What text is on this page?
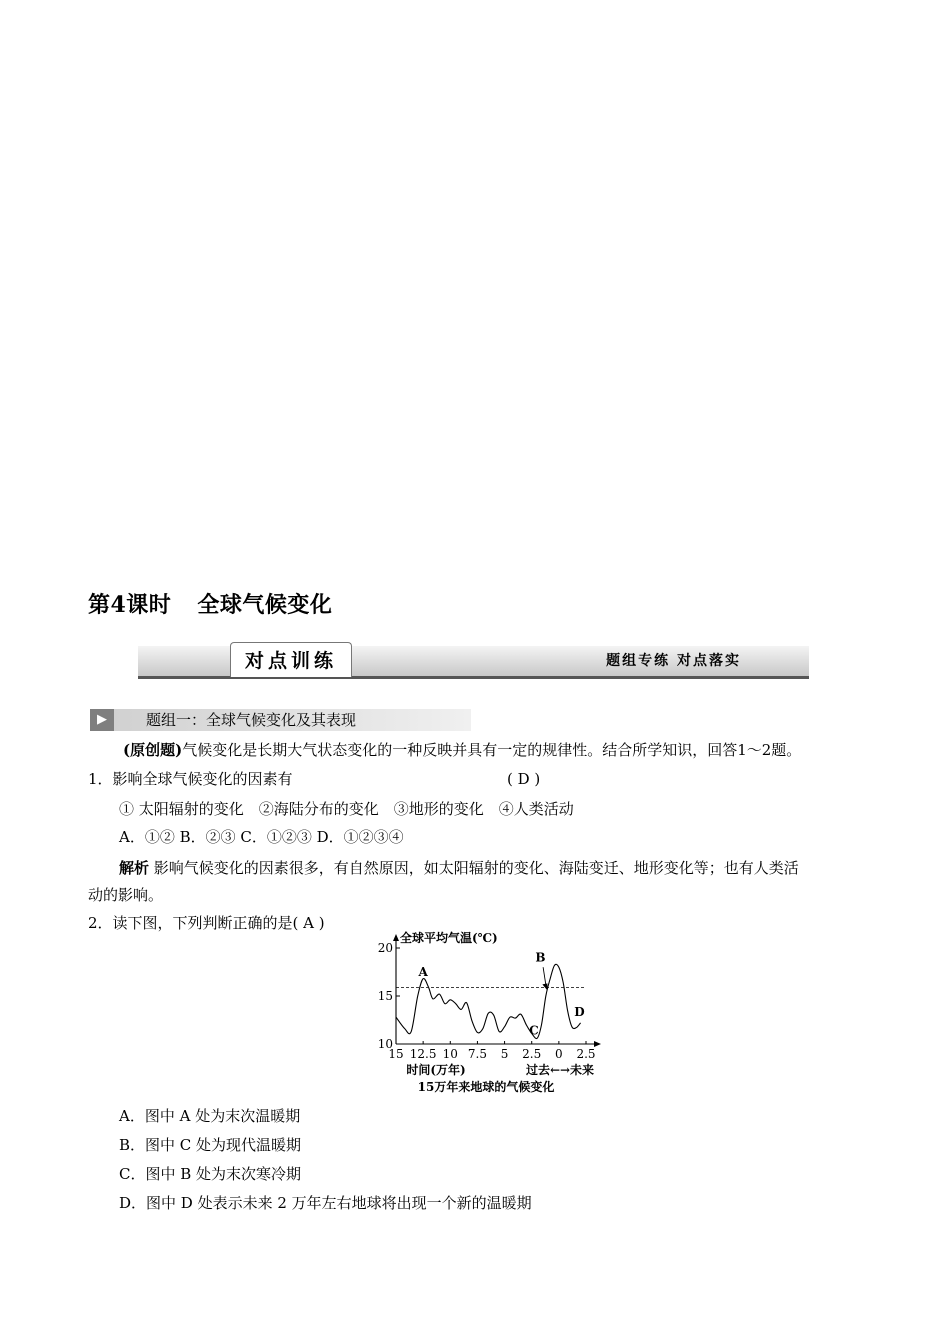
第4课时 全球气候变化
对点训练	题组专练 对点落实
▶	题组一：全球气候变化及其表现
(原创题)气候变化是长期大气状态变化的一种反映并具有一定的规律性。结合所学知识，回答1～2题。
1．影响全球气候变化的因素有	( D )
① 太阳辐射的变化　②海陆分布的变化　③地形的变化　④人类活动
A．①② B．②③ C．①②③ D．①②③④
解析 影响气候变化的因素很多，有自然原因，如太阳辐射的变化、海陆变迁、地形变化等；也有人类活
动的影响。
2．读下图，下列判断正确的是( A )
20
15
10
15 12.5 10 7.5 5 2.5 0 2.5
A
B
C
D
全球平均气温(℃)
时间(万年)	过去←→未来
15万年来地球的气候变化
A．图中 A 处为末次温暖期
B．图中 C 处为现代温暖期
C．图中 B 处为末次寒冷期
D．图中 D 处表示未来 2 万年左右地球将出现一个新的温暖期
